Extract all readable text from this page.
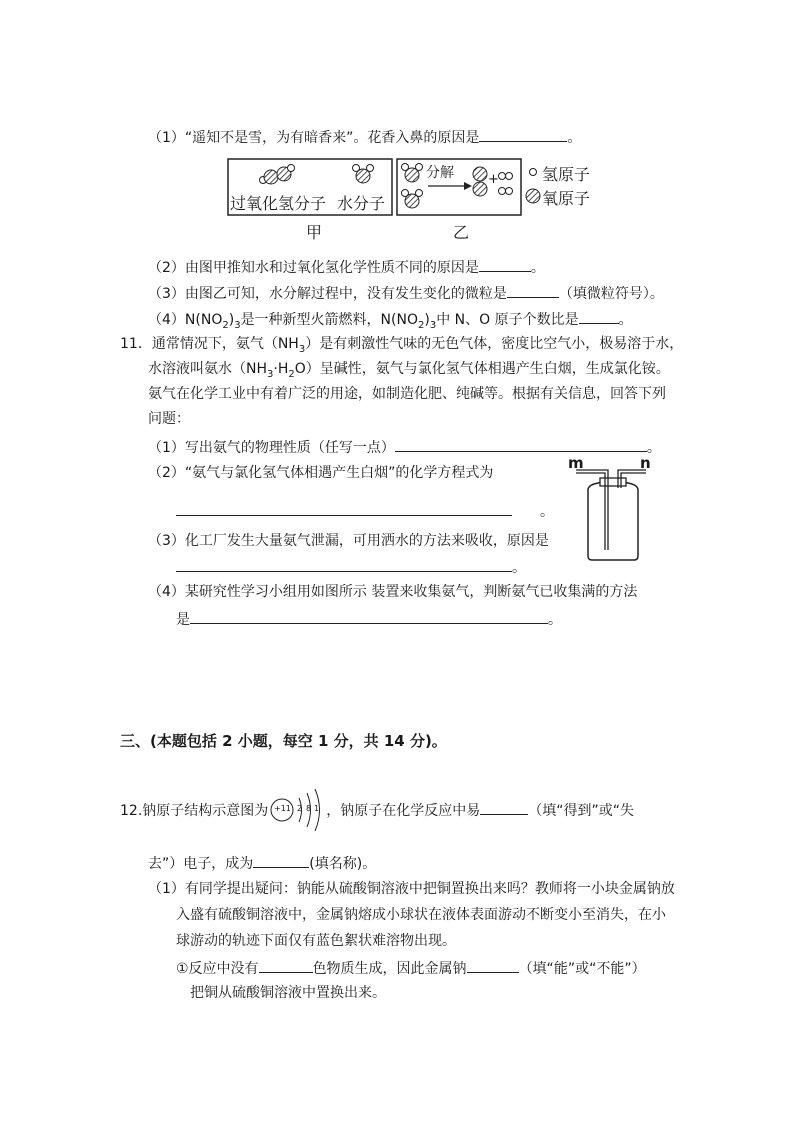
（1）“遥知不是雪，为有暗香来”。花香入鼻的原因是	。
过氧化氢分子 水分子
甲
分解	+
乙
氢原子
氧原子
（2）由图甲推知水和过氧化氢化学性质不同的原因是	。
（3）由图乙可知，水分解过程中，没有发生变化的微粒是	（填微粒符号）。
$(4)N(NO_2)_3$是一种新型火箭燃料，$N(NO_2)_3$中 N、O 原子个数比是	。
11．通常情况下，氨气$(NH_3)$是有刺激性气味的无色气体，密度比空气小，极易溶于水，
水溶液叫氨水$(NH_3\cdot H_2O)$呈碱性，氨气与氯化氢气体相遇产生白烟，生成氯化铵。
氨气在化学工业中有着广泛的用途，如制造化肥、纯碱等。根据有关信息，回答下列
问题：
（1）写出氨气的物理性质（任写一点）	。
（2）“氨气与氯化氢气体相遇产生白烟”的化学方程式为
。
（3）化工厂发生大量氨气泄漏，可用洒水的方法来吸收，原因是
。
（4）某研究性学习小组用如图所示 装置来收集氨气，判断氨气已收集满的方法
是	。
m	n
三、(本题包括 2 小题，每空 1 分，共 14 分)。
12.钠原子结构示意图为	，钠原子在化学反应中易	（填“得到”或“失
+11 2 8 1
去”）电子，成为	(填名称)。
（1）有同学提出疑问：钠能从硫酸铜溶液中把铜置换出来吗？教师将一小块金属钠放
入盛有硫酸铜溶液中，金属钠熔成小球状在液体表面游动不断变小至消失，在小
球游动的轨迹下面仅有蓝色絮状难溶物出现。
①反应中没有	色物质生成，因此金属钠	（填“能”或“不能”）
把铜从硫酸铜溶液中置换出来。
